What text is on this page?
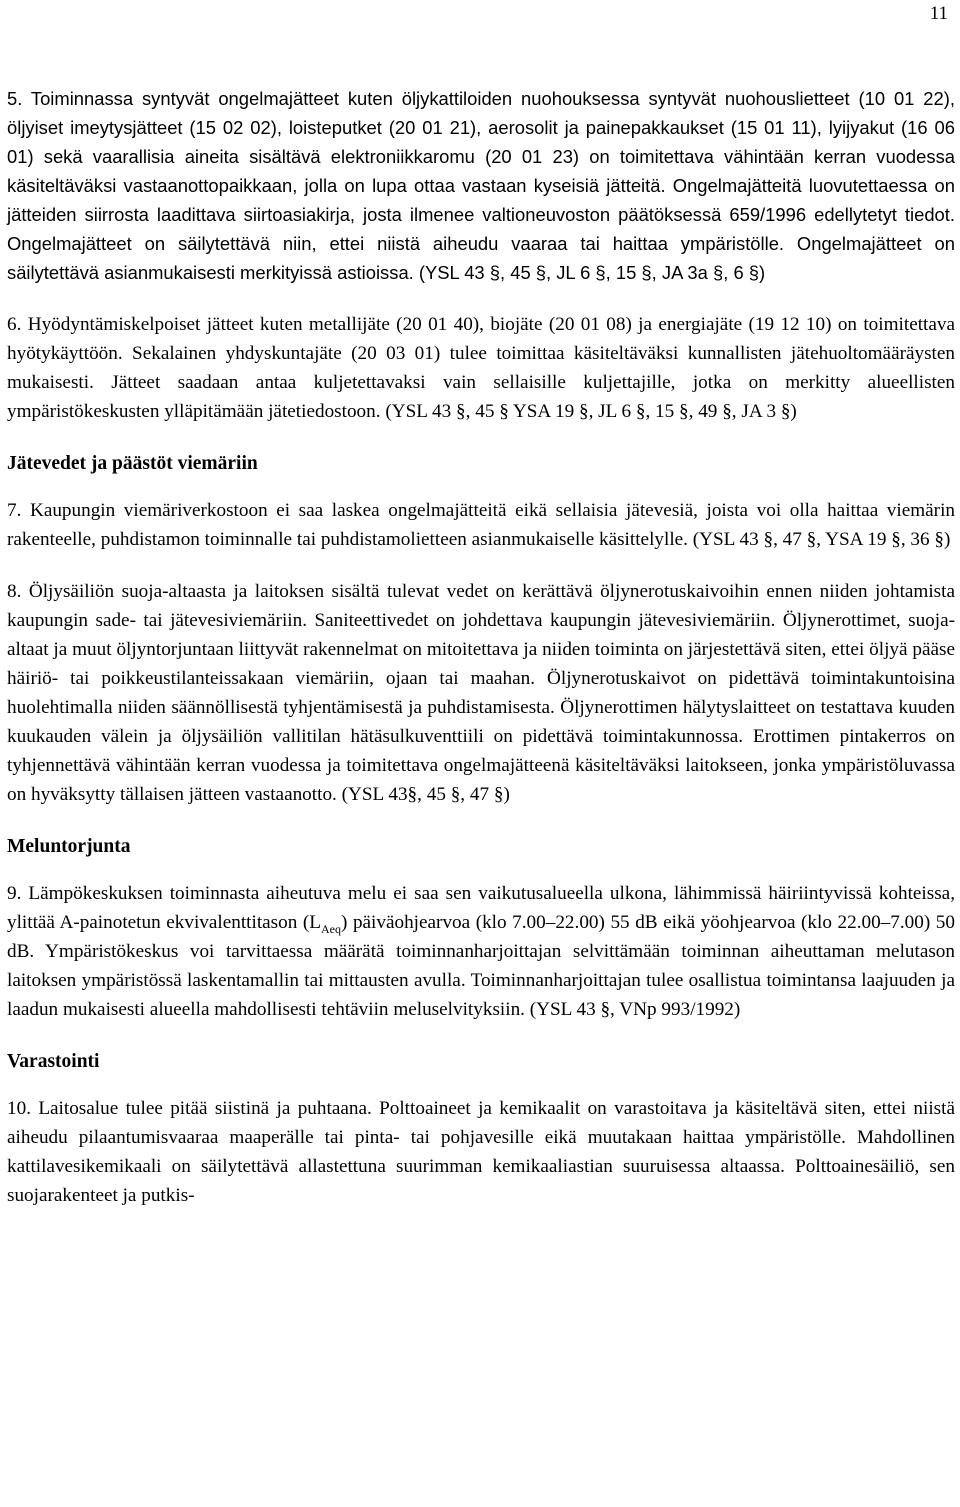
11

5. Toiminnassa syntyvät ongelmajätteet kuten öljykattiloiden nuohouksessa syntyvät nuohouslietteet (10 01 22), öljyiset imeytysjätteet (15 02 02), loisteputket (20 01 21), aerosolit ja painepakkaukset (15 01 11), lyijyakut (16 06 01) sekä vaarallisia aineita sisältävä elektroniikkaromu (20 01 23) on toimitettava vähintään kerran vuodessa käsiteltäväksi vastaanottopaikkaan, jolla on lupa ottaa vastaan kyseisiä jätteitä. Ongelmajätteitä luovutettaessa on jätteiden siirrosta laadittava siirtoasiakirja, josta ilmenee valtioneuvoston päätöksessä 659/1996 edellytetyt tiedot. Ongelmajätteet on säilytettävä niin, ettei niistä aiheudu vaaraa tai haittaa ympäristölle. Ongelmajätteet on säilytettävä asianmukaisesti merkityissä astioissa. (YSL 43 §, 45 §, JL 6 §, 15 §, JA 3a §, 6 §)

6. Hyödyntämiskelpoiset jätteet kuten metallijäte (20 01 40), biojäte (20 01 08) ja energiajäte (19 12 10) on toimitettava hyötykäyttöön. Sekalainen yhdyskuntajäte (20 03 01) tulee toimittaa käsiteltäväksi kunnallisten jätehuoltomääräysten mukaisesti. Jätteet saadaan antaa kuljetettavaksi vain sellaisille kuljettajille, jotka on merkitty alueellisten ympäristökeskusten ylläpitämään jätetiedostoon. (YSL 43 §, 45 § YSA 19 §, JL 6 §, 15 §, 49 §, JA 3 §)

Jätevedet ja päästöt viemäriin

7. Kaupungin viemäriverkostoon ei saa laskea ongelmajätteitä eikä sellaisia jätevesiä, joista voi olla haittaa viemärin rakenteelle, puhdistamon toiminnalle tai puhdistamolietteen asianmukaiselle käsittelylle. (YSL 43 §, 47 §, YSA 19 §, 36 §)

8. Öljysäiliön suoja-altaasta ja laitoksen sisältä tulevat vedet on kerättävä öljynerotuskaivoihin ennen niiden johtamista kaupungin sade- tai jätevesiviemäriin. Saniteettivedet on johdettava kaupungin jätevesiviemäriin. Öljynerottimet, suoja-altaat ja muut öljyntorjuntaan liittyvät rakennelmat on mitoitettava ja niiden toiminta on järjestettävä siten, ettei öljyä pääse häiriö- tai poikkeustilanteissakaan viemäriin, ojaan tai maahan. Öljynerotuskaivot on pidettävä toimintakuntoisina huolehtimalla niiden säännöllisestä tyhjentämisestä ja puhdistamisesta. Öljynerottimen hälytyslaitteet on testattava kuuden kuukauden välein ja öljysäiliön vallitilan hätäsulkuventtiili on pidettävä toimintakunnossa. Erottimen pintakerros on tyhjennettävä vähintään kerran vuodessa ja toimitettava ongelmajätteenä käsiteltäväksi laitokseen, jonka ympäristöluvassa on hyväksytty tällaisen jätteen vastaanotto. (YSL 43§, 45 §, 47 §)

Meluntorjunta

9. Lämpökeskuksen toiminnasta aiheutuva melu ei saa sen vaikutusalueella ulkona, lähimmissä häiriintyvissä kohteissa, ylittää A-painotetun ekvivalenttitason $(L_{Aeq})$ päiväohjearvoa (klo 7.00–22.00) 55 dB eikä yöohjearvoa (klo 22.00–7.00) 50 dB. Ympäristökeskus voi tarvittaessa määrätä toiminnanharjoittajan selvittämään toiminnan aiheuttaman melutason laitoksen ympäristössä laskentamallin tai mittausten avulla. Toiminnanharjoittajan tulee osallistua toimintansa laajuuden ja laadun mukaisesti alueella mahdollisesti tehtäviin meluselvityksiin. (YSL 43 §, VNp 993/1992)

Varastointi

10. Laitosalue tulee pitää siistinä ja puhtaana. Polttoaineet ja kemikaalit on varastoitava ja käsiteltävä siten, ettei niistä aiheudu pilaantumisvaaraa maaperälle tai pinta- tai pohjavesille eikä muutakaan haittaa ympäristölle. Mahdollinen kattilavesikemikaali on säilytettävä allastettuna suurimman kemikaaliastian suuruisessa altaassa. Polttoainesäiliö, sen suojarakenteet ja putkis-
